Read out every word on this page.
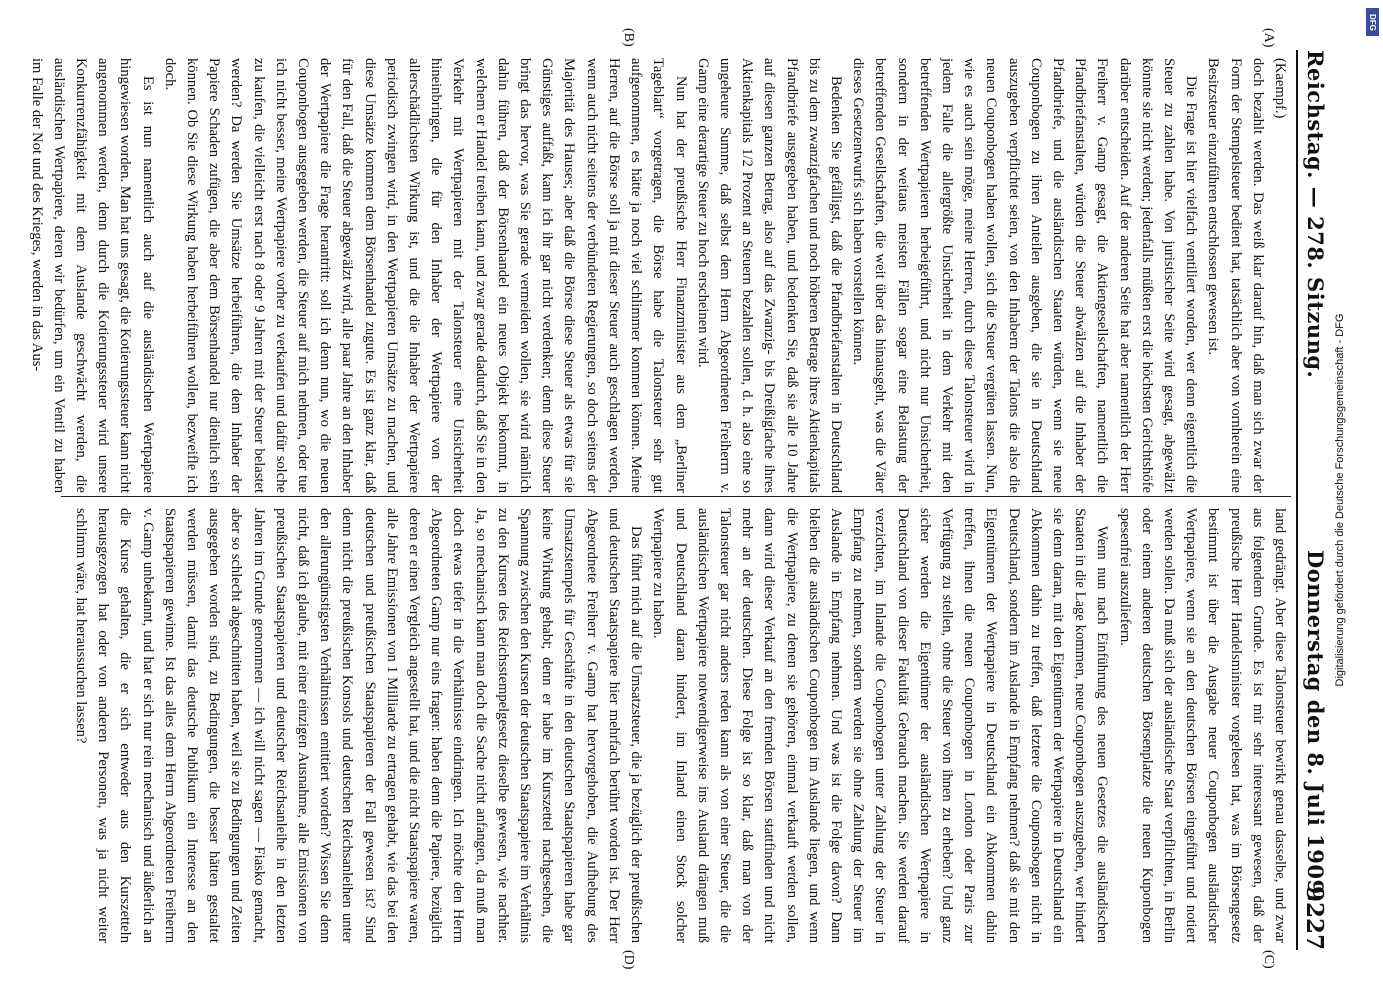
Reichstag. — 278. Sitzung.
Donnerstag den 8. Juli 1909.
9227
(A)
(B)
(C)
(D)

(Kaempf.)

doch bezahlt werden. Das weiß klar darauf hin, daß man sich zwar der Form der Stempelsteuer bedient hat, tatsächlich aber von vornherein eine Besitzsteuer einzuführen entschlossen gewesen ist.

Die Frage ist hier vielfach ventiliert worden, wer denn eigentlich die Steuer zu zahlen habe. Von juristischer Seite wird gesagt, abgewälzt könnte sie nicht werden; jedenfalls müßten erst die höchsten Gerichtshöfe darüber entscheiden. Auf der anderen Seite hat aber namentlich der Herr Freiherr v. Gamp gesagt, die Aktiengesellschaften, namentlich die Pfandbriefanstalten, würden die Steuer abwälzen auf die Inhaber der Pfandbriefe, und die ausländischen Staaten würden, wenn sie neue Couponbogen zu ihren Anteilen ausgeben, die sie in Deutschland auszugeben verpflichtet seien, von den Inhabern der Talons die also die neuen Couponbogen haben wollen, sich die Steuer vergüten lassen. Nun, wie es auch sein möge, meine Herren, durch diese Talonsteuer wird in jedem Falle die allergrößte Unsicherheit in dem Verkehr mit den betreffenden Wertpapieren herbeigeführt, und nicht nur Unsicherheit, sondern in der weitaus meisten Fällen sogar eine Belastung der betreffenden Gesellschaften, die weit über das hinausgeht, was die Väter dieses Gesetzentwurfs sich haben vorstellen können.

Bedenken Sie gefälligst, daß die Pfandbriefanstalten in Deutschland bis zu dem zwanzigfachen und noch höheren Betrage ihres Aktienkapitals Pfandbriefe ausgegeben haben, und bedenken Sie, daß sie alle 10 Jahre auf diesen ganzen Betrag, also auf das Zwanzig- bis Dreißigfache ihres Aktienkapitals 1/2 Prozent an Steuern bezahlen sollen, d. h. also eine so ungeheure Summe, daß selbst dem Herrn Abgeordneten Freiherrn v. Gamp eine derartige Steuer zu hoch erscheinen wird.

Nun hat der preußische Herr Finanzminister aus dem „Berliner Tageblatt“ vorgetragen, die Börse habe die Talonsteuer sehr gut aufgenommen, es hätte ja noch viel schlimmer kommen können. Meine Herren, auf die Börse soll ja mit dieser Steuer auch geschlagen werden, wenn auch nicht seitens der verbündeten Regierungen, so doch seitens der Majorität des Hauses; aber daß die Börse diese Steuer als etwas für sie Günstiges auffaßt, kann ich ihr gar nicht verdenken; denn diese Steuer bringt das hervor, was Sie gerade vermeiden wollen, sie wird nämlich dahin führen, daß der Börsenhandel ein neues Objekt bekommt, in welchem er Handel treiben kann, und zwar gerade dadurch, daß Sie in den Verkehr mit Wertpapieren mit der Talonsteuer eine Unsicherheit hineinbringen, die für den Inhaber der Wertpapiere von der allerschädlichsten Wirkung ist, und die die Inhaber der Wertpapiere periodisch zwingen wird, in den Wertpapieren Umsätze zu machen, und diese Umsätze kommen dem Börsenhandel zugute. Es ist ganz klar, daß für den Fall, daß die Steuer abgewälzt wird, alle paar Jahre an den Inhaber der Wertpapiere die Frage herantritt: soll ich denn nun, wo die neuen Couponbogen ausgegeben werden, die Steuer auf mich nehmen, oder tue ich nicht besser, meine Wertpapiere vorher zu verkaufen und dafür solche zu kaufen, die vielleicht erst nach 8 oder 9 Jahren mit der Steuer belastet werden? Da werden Sie Umsätze herbeiführen, die dem Inhaber der Papiere Schaden zufügen, die aber dem Börsenhandel nur dienlich sein können. Ob Sie diese Wirkung haben herbeiführen wollen, bezweifle ich doch.

Es ist nun namentlich auch auf die ausländischen Wertpapiere hingewiesen worden. Man hat uns gesagt, die Kotierungssteuer kann nicht angenommen werden, denn durch die Kotierungssteuer wird unsere Konkurrenzfähigkeit mit dem Auslande geschwächt werden, die ausländischen Wertpapiere, deren wir bedürfen, um ein Ventil zu haben im Falle der Not und des Krieges, werden in das Aus-

land gedrängt. Aber diese Talonsteuer bewirkt genau dasselbe, und zwar aus folgendem Grunde. Es ist mir sehr interessant gewesen, daß der preußische Herr Handelsminister vorgelesen hat, was im Börsengesetz bestimmt ist über die Ausgabe neuer Couponbogen ausländischer Wertpapiere, wenn sie an den deutschen Börsen eingeführt und notiert werden sollen. Da muß sich der ausländische Staat verpflichten, in Berlin oder einem anderen deutschen Börsenplatze die neuen Kuponbogen spesenfrei auszuliefern.

Wenn nun nach Einführung des neuen Gesetzes die ausländischen Staaten in die Lage kommen, neue Couponbogen auszugeben, wer hindert sie denn daran, mit den Eigentümern der Wertpapiere in Deutschland ein Abkommen dahin zu treffen, daß letztere die Couponsbogen nicht in Deutschland, sondern im Auslande in Empfang nehmen? daß sie mit den Eigentümern der Wertpapiere in Deutschland ein Abkommen dahin treffen, ihnen die neuen Couponbogen in London oder Paris zur Verfügung zu stellen, ohne die Steuer von ihnen zu erheben? Und ganz sicher werden die Eigentümer der ausländischen Wertpapiere in Deutschland von dieser Fakultät Gebrauch machen. Sie werden darauf verzichten, im Inlande die Couponbogen unter Zahlung der Steuer in Empfang zu nehmen, sondern werden sie ohne Zahlung der Steuer im Auslande in Empfang nehmen. Und was ist die Folge davon? Dann bleiben die ausländischen Couponbogen im Auslande liegen, und wenn die Wertpapiere, zu denen sie gehören, einmal verkauft werden sollen, dann wird dieser Verkauf an den fremden Börsen stattfinden und nicht mehr an der deutschen. Diese Folge ist so klar, daß man von der Talonsteuer gar nicht anders reden kann als von einer Steuer, die die ausländischen Wertpapiere notwendigerweise ins Ausland drängen muß und Deutschland daran hindert, im Inland einen Stock solcher Wertpapiere zu haben.

Das führt mich auf die Umsatzsteuer, die ja bezüglich der preußischen und deutschen Staatspapiere hier mehrfach berührt worden ist. Der Herr Abgeordnete Freiherr v. Gamp hat hervorgehoben, die Aufhebung des Umsatzstempels für Geschäfte in den deutschen Staatspapieren habe gar keine Wirkung gehabt; denn er habe im Kurszettel nachgesehen, die Spannung zwischen den Kursen der deutschen Staatspapiere im Verhältnis zu den Kursen des Reichsstempelgesetz dieselbe gewesen, wie nachher. Ja, so mechanisch kann man doch die Sache nicht anfangen, da muß man doch etwas tiefer in die Verhältnisse eindringen. Ich möchte den Herrn Abgeordneten Gamp nur eins fragen: haben denn die Papiere, bezüglich deren er einen Vergleich angestellt hat, und die nicht Staatspapiere waren, alle Jahre Emissionen von 1 Milliarde zu ertragen gehabt, wie das bei den deutschen und preußischen Staatspapieren der Fall gewesen ist? Sind denn nicht die preußischen Konsols und deutschen Reichsanleihen unter den allerungünstigsten Verhältnissen emittiert worden? Wissen Sie denn nicht, daß ich glaube, mit einer einzigen Ausnahme, alle Emissionen von preußischen Staatspapieren und deutscher Reichsanleihe in den letzten Jahren im Grunde genommen — ich will nicht sagen — Fiasko gemacht, aber so schlecht abgeschnitten haben, weil sie zu Bedingungen und Zeiten ausgegeben worden sind, zu Bedingungen, die besser hätten gestaltet werden müssen, damit das deutsche Publikum ein Interesse an den Staatspapieren gewinne. Ist das alles dem Herrn Abgeordneten Freiherrn v. Gamp unbekannt, und hat er sich nur rein mechanisch und äußerlich an die Kurse gehalten, die er sich entweder aus den Kurszetteln herausgezogen hat oder von anderen Personen, was ja nicht weiter schlimm wäre, hat heraussuchen lassen?	Digitalisierung gefördert durch die Deutsche Forschungsgemeinschaft - DFG
DFG
